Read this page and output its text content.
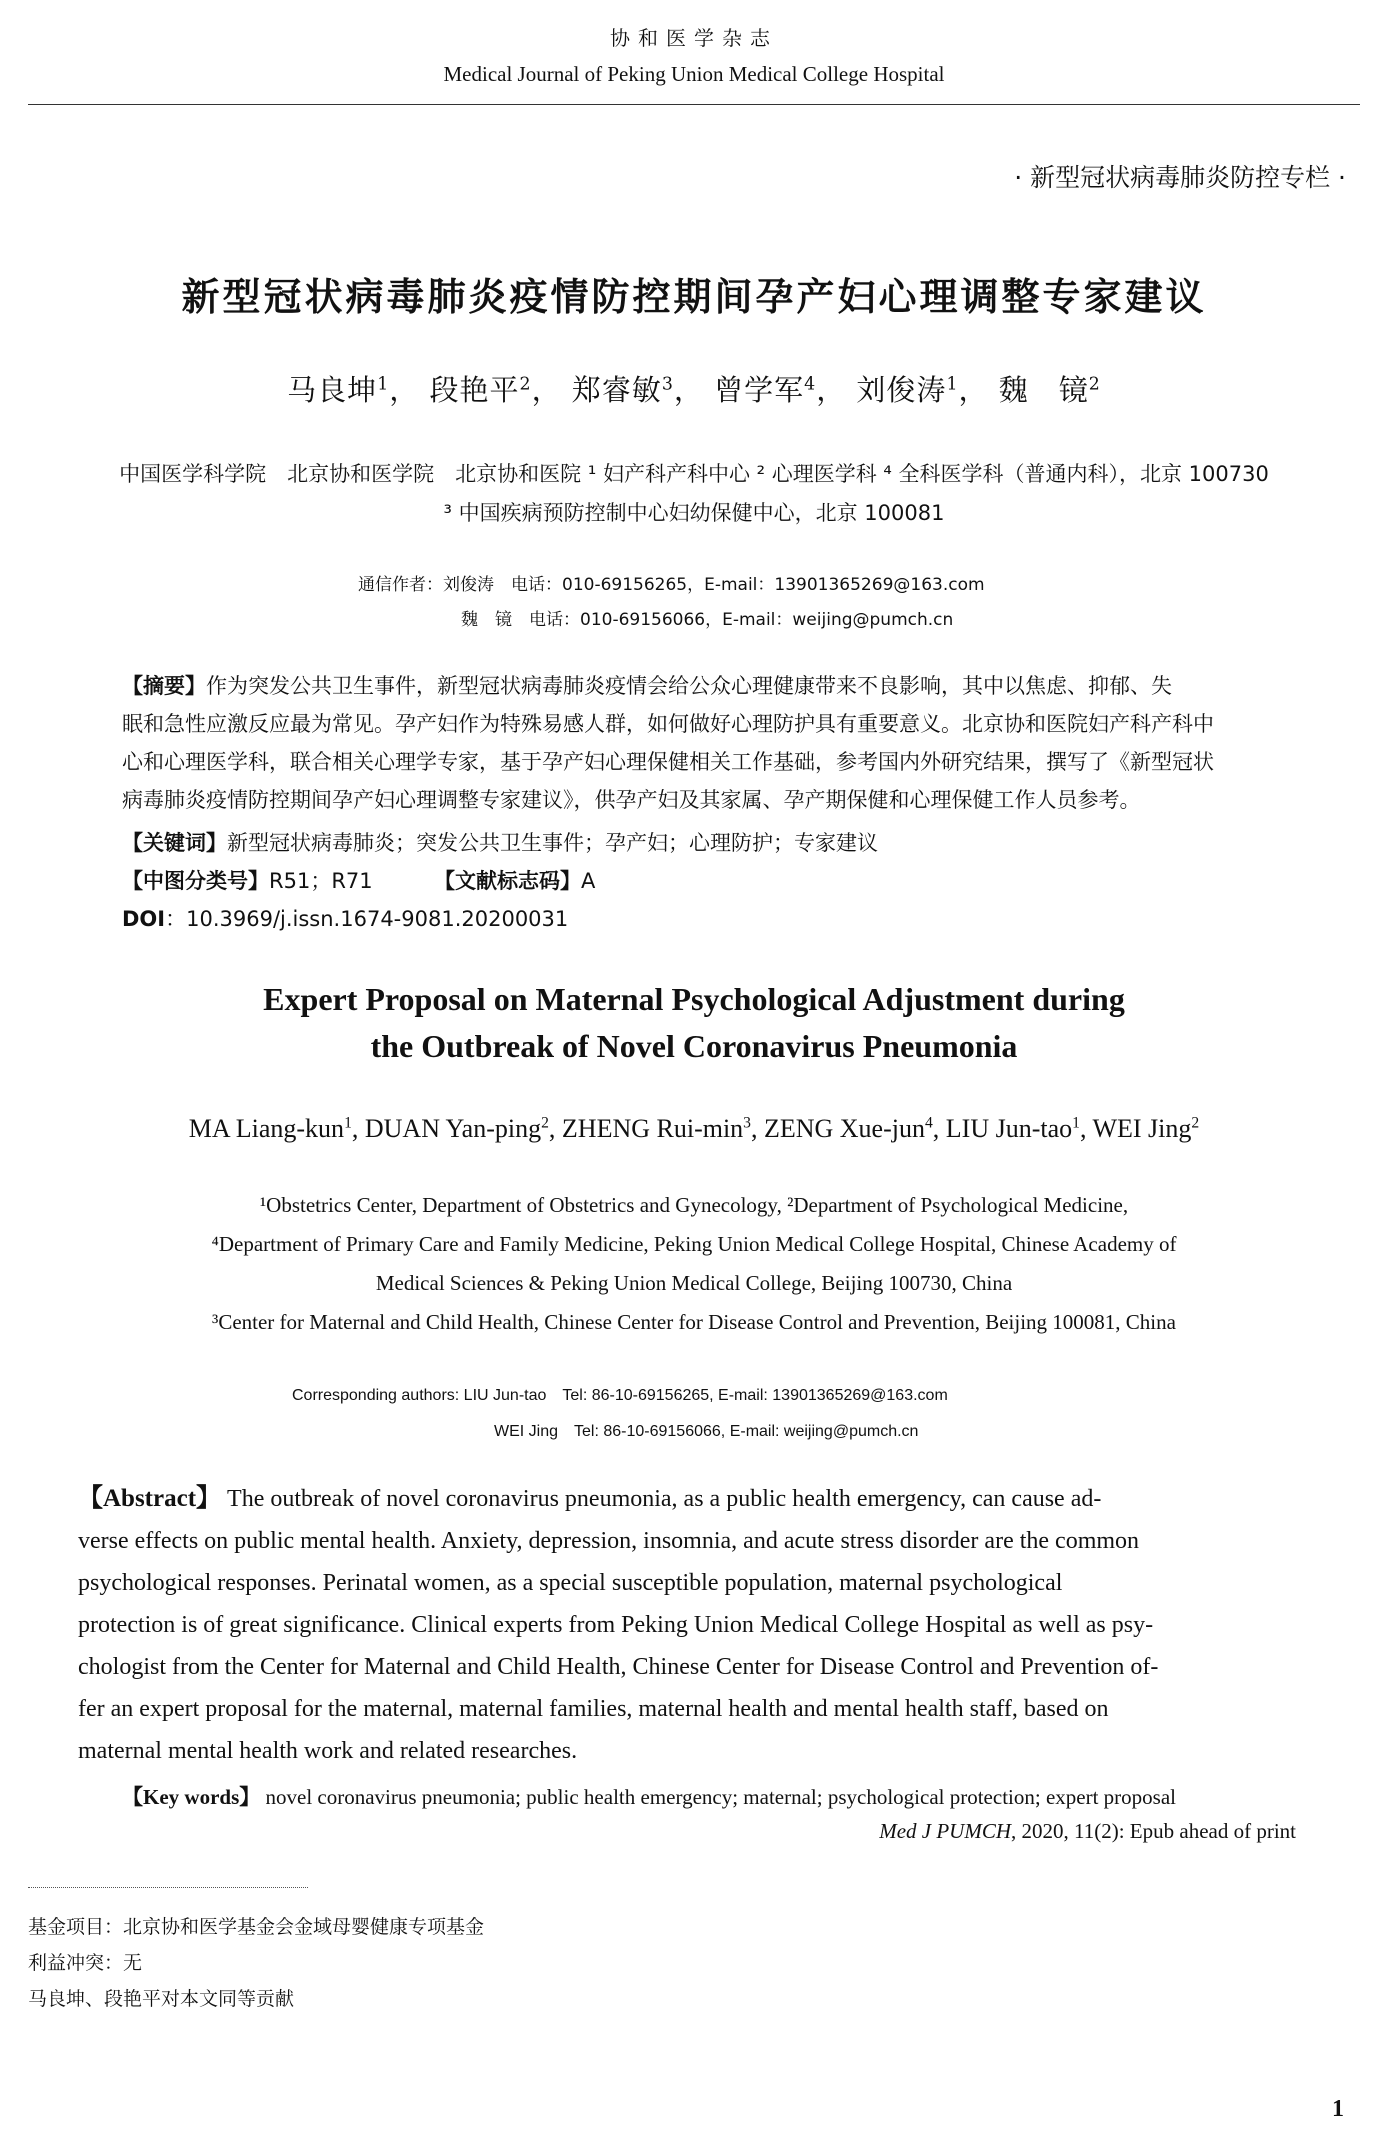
协和医学杂志
Medical Journal of Peking Union Medical College Hospital
· 新型冠状病毒肺炎防控专栏 ·
新型冠状病毒肺炎疫情防控期间孕产妇心理调整专家建议
马良坤$^1$， 段艳平$^2$， 郑睿敏$^3$， 曾学军$^4$， 刘俊涛$^1$， 魏　镜$^2$
中国医学科学院　北京协和医学院　北京协和医院 ¹ 妇产科产科中心 ² 心理医学科 ⁴ 全科医学科（普通内科），北京 100730
³ 中国疾病预防控制中心妇幼保健中心，北京 100081
通信作者：刘俊涛　电话：010-69156265，E-mail：13901365269@163.com
魏　镜　电话：010-69156066，E-mail：weijing@pumch.cn
【摘要】作为突发公共卫生事件，新型冠状病毒肺炎疫情会给公众心理健康带来不良影响，其中以焦虑、抑郁、失
眠和急性应激反应最为常见。孕产妇作为特殊易感人群，如何做好心理防护具有重要意义。北京协和医院妇产科产科中
心和心理医学科，联合相关心理学专家，基于孕产妇心理保健相关工作基础，参考国内外研究结果，撰写了《新型冠状
病毒肺炎疫情防控期间孕产妇心理调整专家建议》，供孕产妇及其家属、孕产期保健和心理保健工作人员参考。
【关键词】新型冠状病毒肺炎；突发公共卫生事件；孕产妇；心理防护；专家建议
【中图分类号】R51；R71	【文献标志码】A
DOI：10.3969/j.issn.1674-9081.20200031
Expert Proposal on Maternal Psychological Adjustment during
the Outbreak of Novel Coronavirus Pneumonia
MA Liang-kun$^1$, DUAN Yan-ping$^2$, ZHENG Rui-$\min^3$, ZENG Xue-jun$^4$, LIU Jun-tao$^1$, WEI Jing$^2$
¹Obstetrics Center, Department of Obstetrics and Gynecology, ²Department of Psychological Medicine,
⁴Department of Primary Care and Family Medicine, Peking Union Medical College Hospital, Chinese Academy of
Medical Sciences & Peking Union Medical College, Beijing 100730, China
³Center for Maternal and Child Health, Chinese Center for Disease Control and Prevention, Beijing 100081, China
Corresponding authors: LIU Jun-tao　Tel: 86-10-69156265, E-mail: 13901365269@163.com
WEI Jing　Tel: 86-10-69156066, E-mail: weijing@pumch.cn
【Abstract】 The outbreak of novel coronavirus pneumonia, as a public health emergency, can cause ad-
verse effects on public mental health. Anxiety, depression, insomnia, and acute stress disorder are the common
psychological responses. Perinatal women, as a special susceptible population, maternal psychological
protection is of great significance. Clinical experts from Peking Union Medical College Hospital as well as psy-
chologist from the Center for Maternal and Child Health, Chinese Center for Disease Control and Prevention of-
fer an expert proposal for the maternal, maternal families, maternal health and mental health staff, based on
maternal mental health work and related researches.
【Key words】 novel coronavirus pneumonia; public health emergency; maternal; psychological protection; expert proposal
Med J PUMCH, 2020, 11(2): Epub ahead of print
基金项目：北京协和医学基金会金域母婴健康专项基金
利益冲突：无
马良坤、段艳平对本文同等贡献
1
